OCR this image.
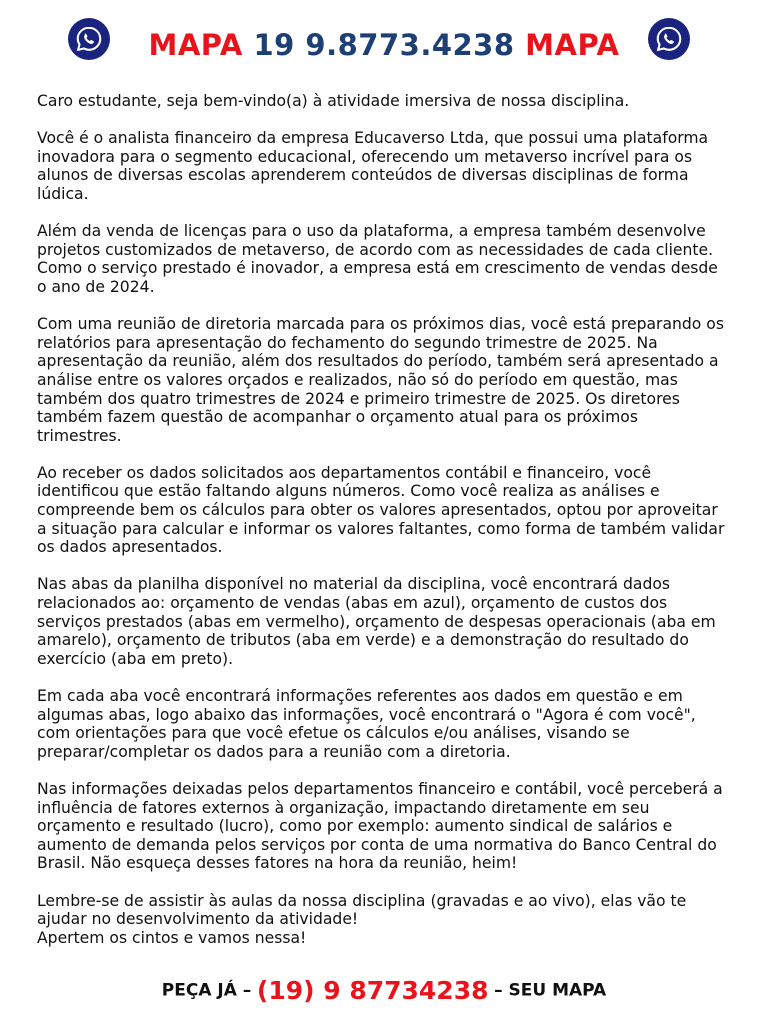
MAPA 19 9.8773.4238 MAPA

Caro estudante, seja bem-vindo(a) à atividade imersiva de nossa disciplina.

Você é o analista financeiro da empresa Educaverso Ltda, que possui uma plataforma inovadora para o segmento educacional, oferecendo um metaverso incrível para os alunos de diversas escolas aprenderem conteúdos de diversas disciplinas de forma lúdica.

Além da venda de licenças para o uso da plataforma, a empresa também desenvolve projetos customizados de metaverso, de acordo com as necessidades de cada cliente. Como o serviço prestado é inovador, a empresa está em crescimento de vendas desde o ano de 2024.

Com uma reunião de diretoria marcada para os próximos dias, você está preparando os relatórios para apresentação do fechamento do segundo trimestre de 2025. Na apresentação da reunião, além dos resultados do período, também será apresentado a análise entre os valores orçados e realizados, não só do período em questão, mas também dos quatro trimestres de 2024 e primeiro trimestre de 2025. Os diretores também fazem questão de acompanhar o orçamento atual para os próximos trimestres.

Ao receber os dados solicitados aos departamentos contábil e financeiro, você identificou que estão faltando alguns números. Como você realiza as análises e compreende bem os cálculos para obter os valores apresentados, optou por aproveitar a situação para calcular e informar os valores faltantes, como forma de também validar os dados apresentados.

Nas abas da planilha disponível no material da disciplina, você encontrará dados relacionados ao: orçamento de vendas (abas em azul), orçamento de custos dos serviços prestados (abas em vermelho), orçamento de despesas operacionais (aba em amarelo), orçamento de tributos (aba em verde) e a demonstração do resultado do exercício (aba em preto).

Em cada aba você encontrará informações referentes aos dados em questão e em algumas abas, logo abaixo das informações, você encontrará o "Agora é com você", com orientações para que você efetue os cálculos e/ou análises, visando se preparar/completar os dados para a reunião com a diretoria.

Nas informações deixadas pelos departamentos financeiro e contábil, você perceberá a influência de fatores externos à organização, impactando diretamente em seu orçamento e resultado (lucro), como por exemplo: aumento sindical de salários e aumento de demanda pelos serviços por conta de uma normativa do Banco Central do Brasil. Não esqueça desses fatores na hora da reunião, heim!

Lembre-se de assistir às aulas da nossa disciplina (gravadas e ao vivo), elas vão te ajudar no desenvolvimento da atividade!

Apertem os cintos e vamos nessa!

PEÇA JÁ – (19) 9 87734238 – SEU MAPA
